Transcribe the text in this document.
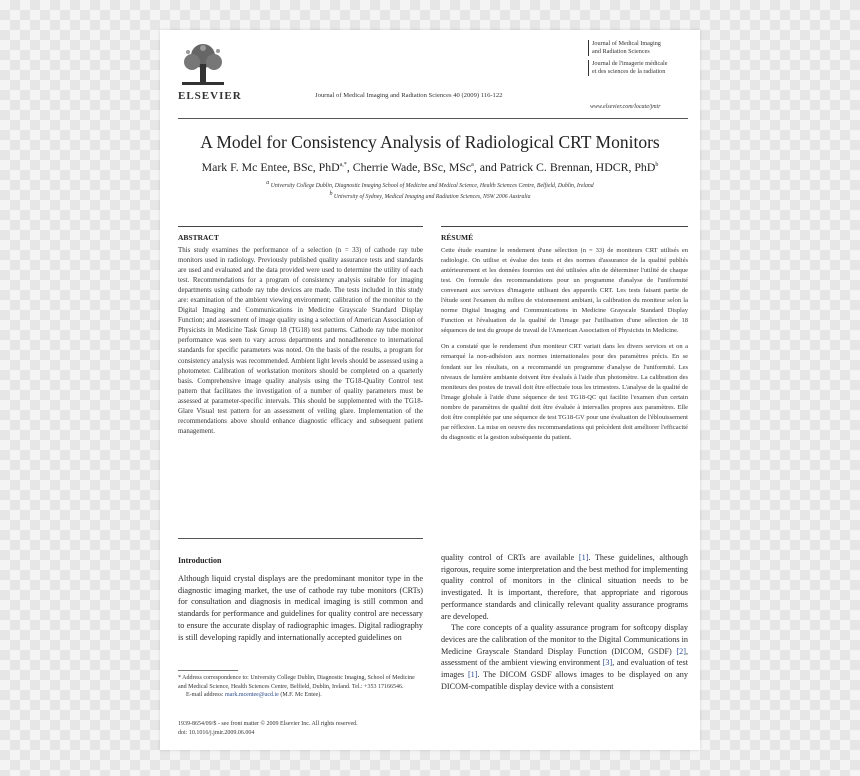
ELSEVIER	Journal of Medical Imaging and Radiation Sciences 40 (2009) 116-122
Journal of Medical Imaging
and Radiation Sciences
Journal de l'imagerie médicale
et des sciences de la radiation
www.elsevier.com/locate/jmir
A Model for Consistency Analysis of Radiological CRT Monitors
Mark F. Mc Entee, BSc, PhD$^{a,*}$, Cherrie Wade, BSc, MSc$^a$, and Patrick C. Brennan, HDCR, PhD$^b$
$^a$ University College Dublin, Diagnostic Imaging School of Medicine and Medical Science, Health Sciences Centre, Belfield, Dublin, Ireland
$^b$ University of Sydney, Medical Imaging and Radiation Sciences, NSW 2006 Australia
ABSTRACT	RÉSUMÉ

This study examines the performance of a selection (n = 33) of cathode ray tube monitors used in radiology. Previously published quality assurance tests and standards are used and evaluated and the data provided were used to determine the utility of each test. Recommendations for a program of consistency analysis suitable for imaging departments using cathode ray tube devices are made. The tests included in this study are: examination of the ambient viewing environment; calibration of the monitor to the Digital Imaging and Communications in Medicine Grayscale Standard Display Function; and assessment of image quality using a selection of American Association of Physicists in Medicine Task Group 18 (TG18) test patterns. Cathode ray tube monitor performance was seen to vary across departments and nonadherence to international standards for specific parameters was noted. On the basis of the results, a program for consistency analysis was recommended. Ambient light levels should be assessed using a photometer. Calibration of workstation monitors should be completed on a quarterly basis. Comprehensive image quality analysis using the TG18-Quality Control test pattern that facilitates the investigation of a number of quality parameters must be assessed at parameter-specific intervals. This should be supplemented with the TG18-Glare Visual test pattern for an assessment of veiling glare. Implementation of the recommendations above should enhance diagnostic efficacy and subsequent patient management.

Cette étude examine le rendement d'une sélection (n = 33) de moniteurs CRT utilisés en radiologie. On utilise et évalue des tests et des normes d'assurance de la qualité publiés antérieurement et les données fournies ont été utilisées afin de déterminer l'utilité de chaque test. On formule des recommandations pour un programme d'analyse de l'uniformité convenant aux services d'imagerie utilisant des appareils CRT. Les tests faisant partie de l'étude sont l'examen du milieu de visionnement ambiant, la calibration du moniteur selon la norme Digital Imaging and Communications in Medicine Grayscale Standard Display Function et l'évaluation de la qualité de l'image par l'utilisation d'une sélection de 18 séquences de test du groupe de travail de l'American Association of Physicists in Medicine.

On a constaté que le rendement d'un moniteur CRT variait dans les divers services et on a remarqué la non-adhésion aux normes internationales pour des paramètres précis. En se fondant sur les résultats, on a recommandé un programme d'analyse de l'uniformité. Les niveaux de lumière ambiante doivent être évalués à l'aide d'un photomètre. La calibration des moniteurs des postes de travail doit être effectuée tous les trimestres. L'analyse de la qualité de l'image globale à l'aide d'une séquence de test TG18-QC qui facilite l'examen d'un certain nombre de paramètres de qualité doit être évaluée à intervalles propres aux paramètres. Elle doit être complétée par une séquence de test TG18-GV pour une évaluation de l'éblouissement par réflexion. La mise en oeuvre des recommandations qui précèdent doit améliorer l'efficacité du diagnostic et la gestion subséquente du patient.

Introduction

Although liquid crystal displays are the predominant monitor type in the diagnostic imaging market, the use of cathode ray tube monitors (CRTs) for consultation and diagnosis in medical imaging is still common and standards for performance and guidelines for quality control are necessary to ensure the accurate display of radiographic images. Digital radiography is still developing rapidly and internationally accepted guidelines on

quality control of CRTs are available [1]. These guidelines, although rigorous, require some interpretation and the best method for implementing quality control of monitors in the clinical situation needs to be investigated. It is important, therefore, that appropriate and rigorous performance standards and clinically relevant quality assurance programs are developed.

The core concepts of a quality assurance program for softcopy display devices are the calibration of the monitor to the Digital Communications in Medicine Grayscale Standard Display Function (DICOM, GSDF) [2], assessment of the ambient viewing environment [3], and evaluation of test images [1]. The DICOM GSDF allows images to be displayed on any DICOM-compatible display device with a consistent

* Address correspondence to: University College Dublin, Diagnostic Imaging, School of Medicine and Medical Science, Health Sciences Centre, Belfield, Dublin, Ireland. Tel.: +353 17166546.

E-mail address: mark.mcentee@ucd.ie (M.F. Mc Entee).

1939-8654/09/$ - see front matter © 2009 Elsevier Inc. All rights reserved.

doi: 10.1016/j.jmir.2009.06.004
